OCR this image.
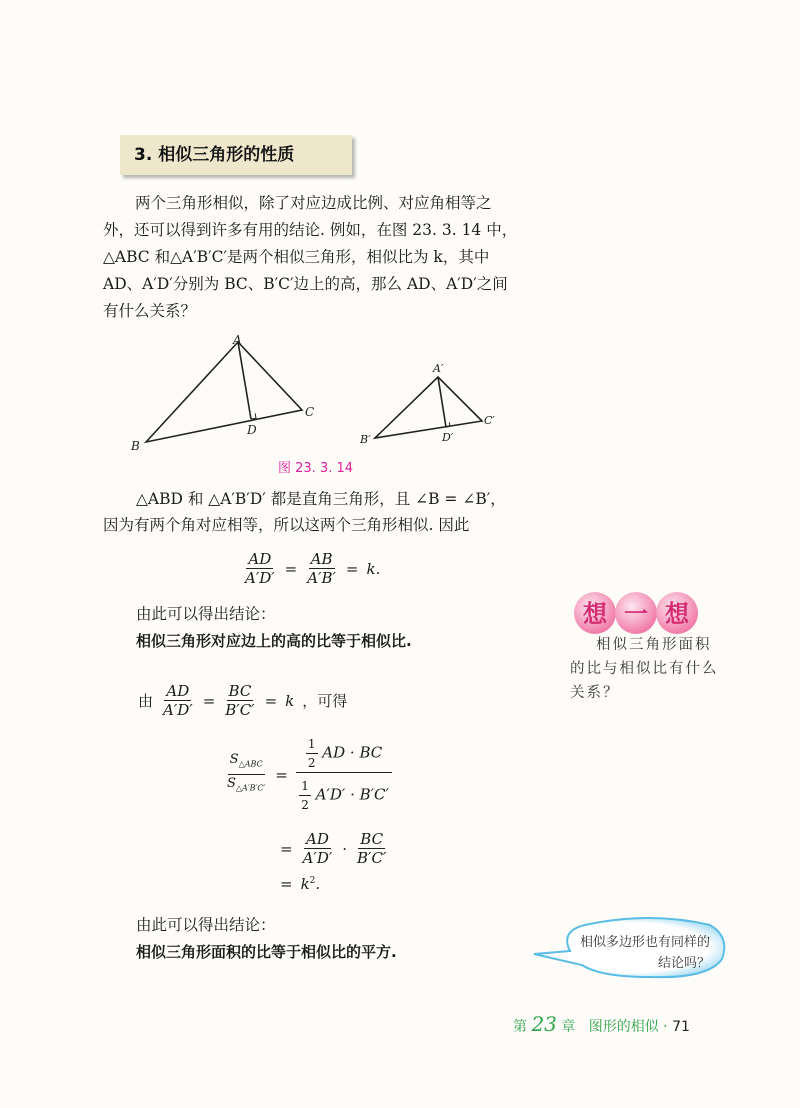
3. 相似三角形的性质
两个三角形相似，除了对应边成比例、对应角相等之
外，还可以得到许多有用的结论. 例如，在图 23. 3. 14 中，
△ABC 和△A′B′C′是两个相似三角形，相似比为 k，其中
AD、A′D′分别为 BC、B′C′边上的高，那么 AD、A′D′之间
有什么关系？
A
B
C
D
A′
B′
C′
D′
图 23. 3. 14
△ABD 和 △A′B′D′ 都是直角三角形，且 ∠B = ∠B′，
因为有两个角对应相等，所以这两个三角形相似. 因此
$\frac{AD}{A'D'} = \frac{AB}{A'B'} = k$.
由此可以得出结论：
相似三角形对应边上的高的比等于相似比.
由 $\frac{AD}{A'D'} = \frac{BC}{B'C'} = k$ ，可得
$\frac{S_{\triangle ABC}}{S_{\triangle A'B'C'}} = \frac{\frac{1}{2} AD \cdot BC}{\frac{1}{2} A'D' \cdot B'C'}$
= $\frac{AD}{A'D'} \cdot \frac{BC}{B'C'}$
= $k^2$.
由此可以得出结论：
相似三角形面积的比等于相似比的平方.
想 一 想
相似三角形面积的比与相似比有什么关系？
相似多边形也有同样的结论吗？
第 23 章 图形的相似 · 71
